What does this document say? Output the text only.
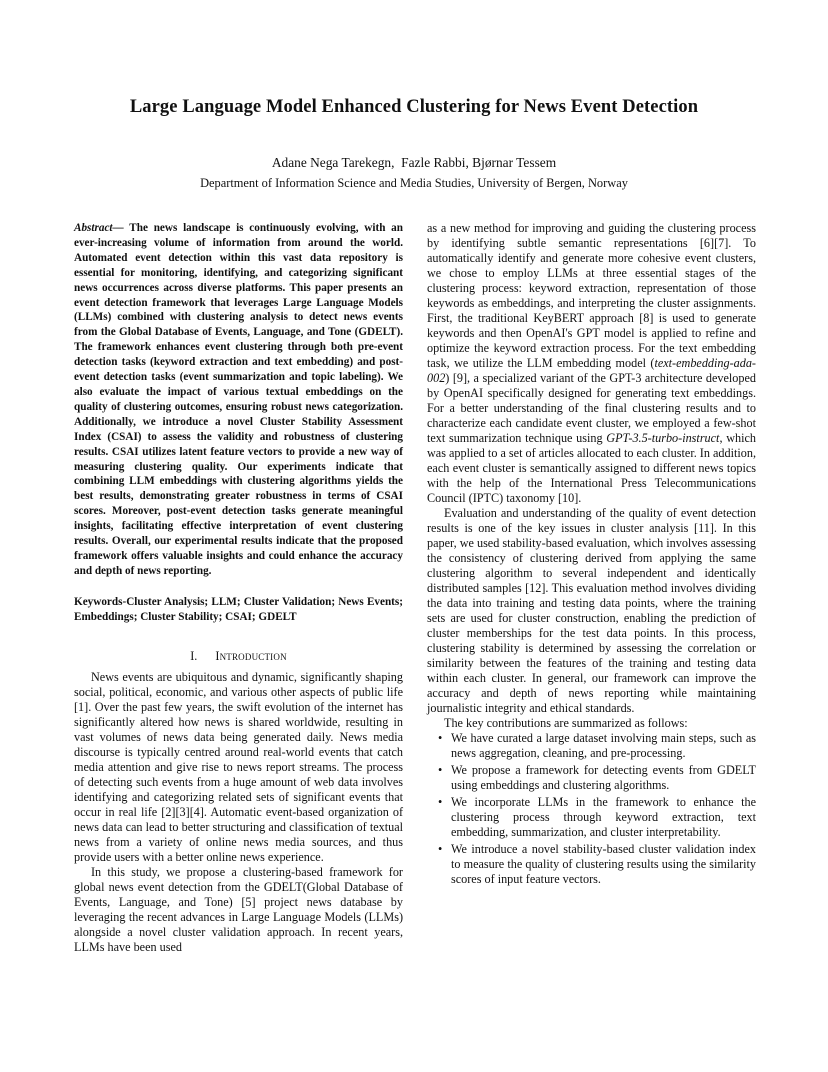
Large Language Model Enhanced Clustering for News Event Detection
Adane Nega Tarekegn,  Fazle Rabbi, Bjørnar Tessem
Department of Information Science and Media Studies, University of Bergen, Norway

Abstract— The news landscape is continuously evolving, with an ever-increasing volume of information from around the world. Automated event detection within this vast data repository is essential for monitoring, identifying, and categorizing significant news occurrences across diverse platforms. This paper presents an event detection framework that leverages Large Language Models (LLMs) combined with clustering analysis to detect news events from the Global Database of Events, Language, and Tone (GDELT). The framework enhances event clustering through both pre-event detection tasks (keyword extraction and text embedding) and post-event detection tasks (event summarization and topic labeling). We also evaluate the impact of various textual embeddings on the quality of clustering outcomes, ensuring robust news categorization. Additionally, we introduce a novel Cluster Stability Assessment Index (CSAI) to assess the validity and robustness of clustering results. CSAI utilizes latent feature vectors to provide a new way of measuring clustering quality. Our experiments indicate that combining LLM embeddings with clustering algorithms yields the best results, demonstrating greater robustness in terms of CSAI scores. Moreover, post-event detection tasks generate meaningful insights, facilitating effective interpretation of event clustering results. Overall, our experimental results indicate that the proposed framework offers valuable insights and could enhance the accuracy and depth of news reporting.

Keywords-Cluster Analysis; LLM; Cluster Validation; News Events; Embeddings; Cluster Stability; CSAI; GDELT

I. Introduction

News events are ubiquitous and dynamic, significantly shaping social, political, economic, and various other aspects of public life [1]. Over the past few years, the swift evolution of the internet has significantly altered how news is shared worldwide, resulting in vast volumes of news data being generated daily. News media discourse is typically centred around real-world events that catch media attention and give rise to news report streams. The process of detecting such events from a huge amount of web data involves identifying and categorizing related sets of significant events that occur in real life [2][3][4]. Automatic event-based organization of news data can lead to better structuring and classification of textual news from a variety of online news media sources, and thus provide users with a better online news experience.

In this study, we propose a clustering-based framework for global news event detection from the GDELT(Global Database of Events, Language, and Tone) [5] project news database by leveraging the recent advances in Large Language Models (LLMs) alongside a novel cluster validation approach. In recent years, LLMs have been used

as a new method for improving and guiding the clustering process by identifying subtle semantic representations [6][7]. To automatically identify and generate more cohesive event clusters, we chose to employ LLMs at three essential stages of the clustering process: keyword extraction, representation of those keywords as embeddings, and interpreting the cluster assignments. First, the traditional KeyBERT approach [8] is used to generate keywords and then OpenAI's GPT model is applied to refine and optimize the keyword extraction process. For the text embedding task, we utilize the LLM embedding model (text-embedding-ada-002) [9], a specialized variant of the GPT-3 architecture developed by OpenAI specifically designed for generating text embeddings. For a better understanding of the final clustering results and to characterize each candidate event cluster, we employed a few-shot text summarization technique using GPT-3.5-turbo-instruct, which was applied to a set of articles allocated to each cluster. In addition, each event cluster is semantically assigned to different news topics with the help of the International Press Telecommunications Council (IPTC) taxonomy [10].

Evaluation and understanding of the quality of event detection results is one of the key issues in cluster analysis [11]. In this paper, we used stability-based evaluation, which involves assessing the consistency of clustering derived from applying the same clustering algorithm to several independent and identically distributed samples [12]. This evaluation method involves dividing the data into training and testing data points, where the training sets are used for cluster construction, enabling the prediction of cluster memberships for the test data points. In this process, clustering stability is determined by assessing the correlation or similarity between the features of the training and testing data within each cluster. In general, our framework can improve the accuracy and depth of news reporting while maintaining journalistic integrity and ethical standards.

The key contributions are summarized as follows:

• We have curated a large dataset involving main steps, such as news aggregation, cleaning, and pre-processing.
• We propose a framework for detecting events from GDELT using embeddings and clustering algorithms.
• We incorporate LLMs in the framework to enhance the clustering process through keyword extraction, text embedding, summarization, and cluster interpretability.
• We introduce a novel stability-based cluster validation index to measure the quality of clustering results using the similarity scores of input feature vectors.
